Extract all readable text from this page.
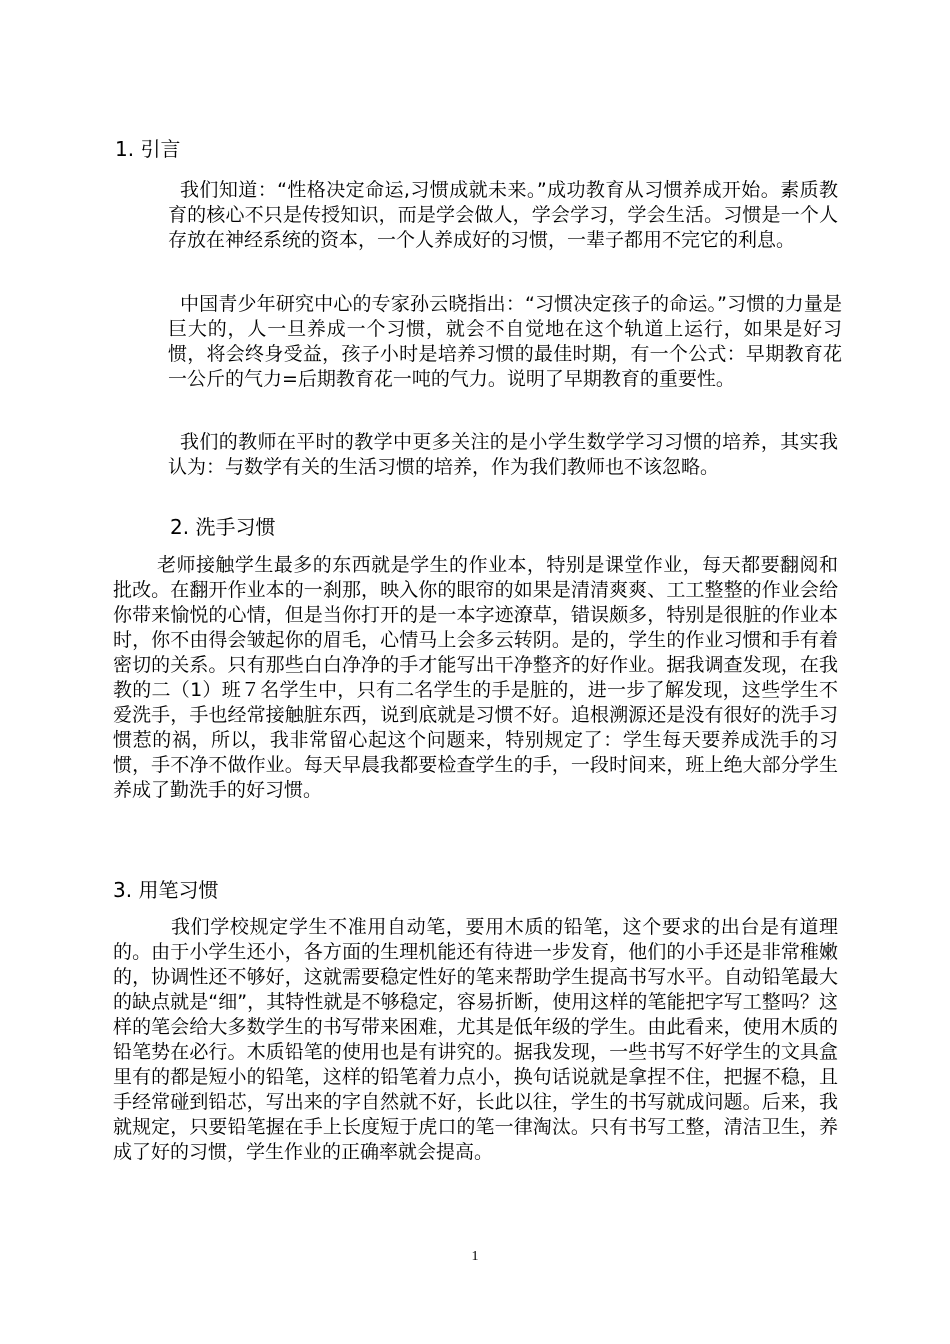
1. 引言

我们知道：“性格决定命运,习惯成就未来。”成功教育从习惯养成开始。素质教育的核心不只是传授知识，而是学会做人，学会学习，学会生活。习惯是一个人存放在神经系统的资本，一个人养成好的习惯，一辈子都用不完它的利息。

中国青少年研究中心的专家孙云晓指出：“习惯决定孩子的命运。”习惯的力量是巨大的，人一旦养成一个习惯，就会不自觉地在这个轨道上运行，如果是好习惯，将会终身受益，孩子小时是培养习惯的最佳时期，有一个公式：早期教育花一公斤的气力=后期教育花一吨的气力。说明了早期教育的重要性。

我们的教师在平时的教学中更多关注的是小学生数学学习习惯的培养，其实我认为：与数学有关的生活习惯的培养，作为我们教师也不该忽略。

2. 洗手习惯

老师接触学生最多的东西就是学生的作业本，特别是课堂作业，每天都要翻阅和批改。在翻开作业本的一刹那，映入你的眼帘的如果是清清爽爽、工工整整的作业会给你带来愉悦的心情，但是当你打开的是一本字迹潦草，错误颇多，特别是很脏的作业本时，你不由得会皱起你的眉毛，心情马上会多云转阴。是的，学生的作业习惯和手有着密切的关系。只有那些白白净净的手才能写出干净整齐的好作业。据我调查发现，在我教的二（1）班７名学生中，只有二名学生的手是脏的，进一步了解发现，这些学生不爱洗手，手也经常接触脏东西，说到底就是习惯不好。追根溯源还是没有很好的洗手习惯惹的祸，所以，我非常留心起这个问题来，特别规定了：学生每天要养成洗手的习惯，手不净不做作业。每天早晨我都要检查学生的手，一段时间来，班上绝大部分学生养成了勤洗手的好习惯。

3. 用笔习惯

我们学校规定学生不准用自动笔，要用木质的铅笔，这个要求的出台是有道理的。由于小学生还小，各方面的生理机能还有待进一步发育，他们的小手还是非常稚嫩的，协调性还不够好，这就需要稳定性好的笔来帮助学生提高书写水平。自动铅笔最大的缺点就是“细”，其特性就是不够稳定，容易折断，使用这样的笔能把字写工整吗？这样的笔会给大多数学生的书写带来困难，尤其是低年级的学生。由此看来，使用木质的铅笔势在必行。木质铅笔的使用也是有讲究的。据我发现，一些书写不好学生的文具盒里有的都是短小的铅笔，这样的铅笔着力点小，换句话说就是拿捏不住，把握不稳，且手经常碰到铅芯，写出来的字自然就不好，长此以往，学生的书写就成问题。后来，我就规定，只要铅笔握在手上长度短于虎口的笔一律淘汰。只有书写工整，清洁卫生，养成了好的习惯，学生作业的正确率就会提高。

1
